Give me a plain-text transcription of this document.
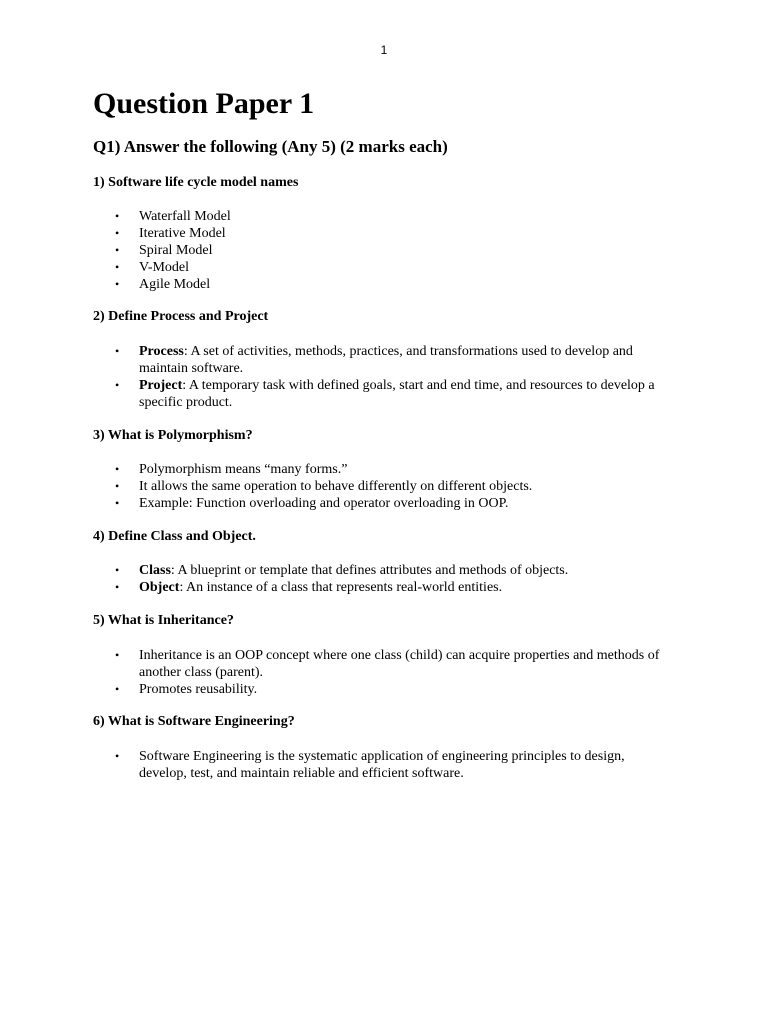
1
Question Paper 1
Q1) Answer the following (Any 5) (2 marks each)
1) Software life cycle model names
• Waterfall Model
• Iterative Model
• Spiral Model
• V-Model
• Agile Model
2) Define Process and Project
• Process: A set of activities, methods, practices, and transformations used to develop and maintain software.
• Project: A temporary task with defined goals, start and end time, and resources to develop a specific product.
3) What is Polymorphism?
• Polymorphism means “many forms.”
• It allows the same operation to behave differently on different objects.
• Example: Function overloading and operator overloading in OOP.
4) Define Class and Object.
• Class: A blueprint or template that defines attributes and methods of objects.
• Object: An instance of a class that represents real-world entities.
5) What is Inheritance?
• Inheritance is an OOP concept where one class (child) can acquire properties and methods of another class (parent).
• Promotes reusability.
6) What is Software Engineering?
• Software Engineering is the systematic application of engineering principles to design, develop, test, and maintain reliable and efficient software.
